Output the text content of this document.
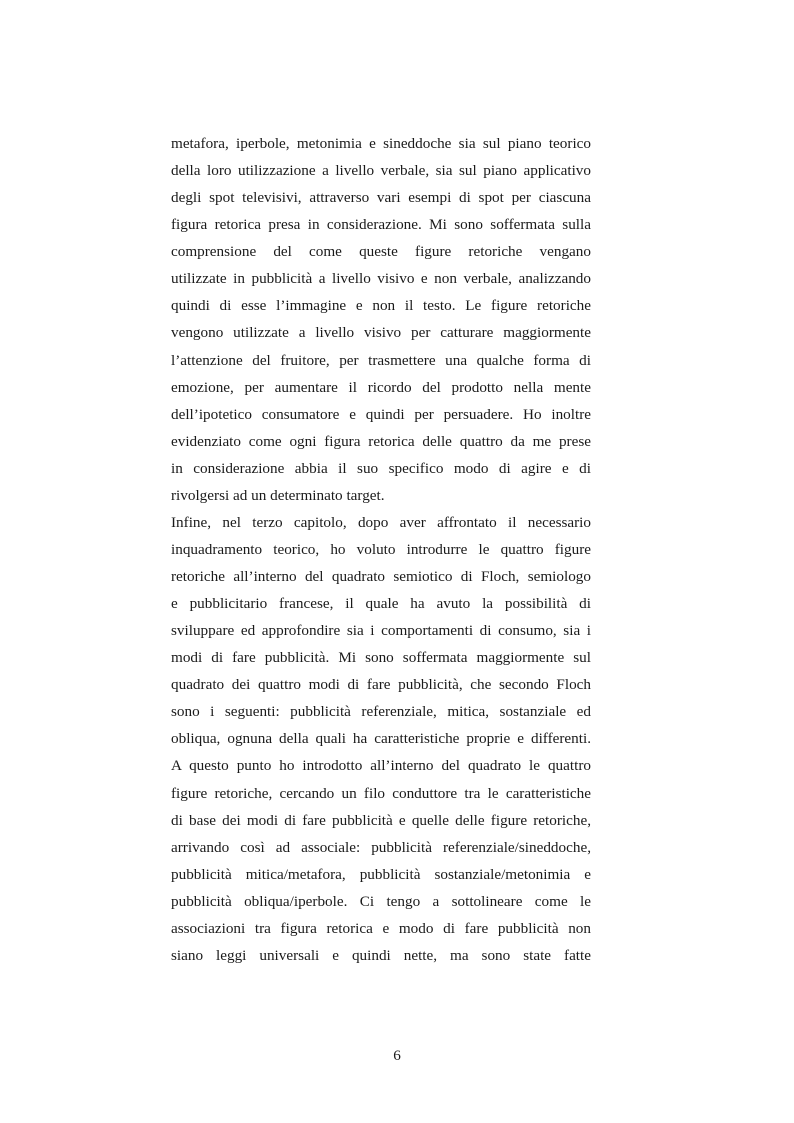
metafora, iperbole, metonimia e sineddoche sia sul piano teorico
della loro utilizzazione a livello verbale, sia sul piano applicativo
degli spot televisivi, attraverso vari esempi di spot per ciascuna
figura retorica presa in considerazione. Mi sono soffermata sulla
comprensione del come queste figure retoriche vengano
utilizzate in pubblicità a livello visivo e non verbale, analizzando
quindi di esse l’immagine e non il testo. Le figure retoriche
vengono utilizzate a livello visivo per catturare maggiormente
l’attenzione del fruitore, per trasmettere una qualche forma di
emozione, per aumentare il ricordo del prodotto nella mente
dell’ipotetico consumatore e quindi per persuadere. Ho inoltre
evidenziato come ogni figura retorica delle quattro da me prese
in considerazione abbia il suo specifico modo di agire e di
rivolgersi ad un determinato target.
Infine, nel terzo capitolo, dopo aver affrontato il necessario
inquadramento teorico, ho voluto introdurre le quattro figure
retoriche all’interno del quadrato semiotico di Floch, semiologo
e pubblicitario francese, il quale ha avuto la possibilità di
sviluppare ed approfondire sia i comportamenti di consumo, sia i
modi di fare pubblicità. Mi sono soffermata maggiormente sul
quadrato dei quattro modi di fare pubblicità, che secondo Floch
sono i seguenti: pubblicità referenziale, mitica, sostanziale ed
obliqua, ognuna della quali ha caratteristiche proprie e differenti.
A questo punto ho introdotto all’interno del quadrato le quattro
figure retoriche, cercando un filo conduttore tra le caratteristiche
di base dei modi di fare pubblicità e quelle delle figure retoriche,
arrivando così ad associale: pubblicità referenziale/sineddoche,
pubblicità mitica/metafora, pubblicità sostanziale/metonimia e
pubblicità obliqua/iperbole. Ci tengo a sottolineare come le
associazioni tra figura retorica e modo di fare pubblicità non
siano leggi universali e quindi nette, ma sono state fatte
6
